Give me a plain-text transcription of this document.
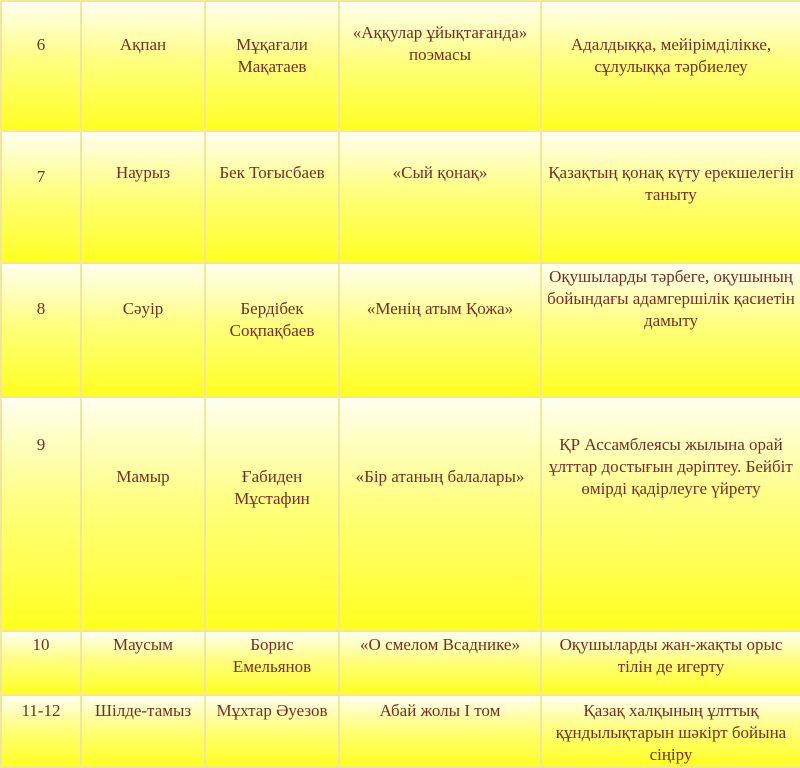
6	Ақпан	Мұқағали Мақатаев	«Аққулар ұйықтағанда» поэмасы	Адалдыққа, мейірімділікке, сұлулыққа тәрбиелеу

7	Наурыз	Бек Тоғысбаев	«Сый қонақ»	Қазақтың қонақ күту ерекшелегін таныту

8	Сәуір	Бердібек Соқпақбаев	«Менің атым Қожа»	Оқушыларды тәрбеге, оқушының бойындағы адамгершілік қасиетін дамыту

9	Мамыр	Ғабиден Мұстафин	«Бір атаның балалары»	ҚР Ассамблеясы жылына орай ұлттар достығын дәріптеу. Бейбіт өмірді қадірлеуге үйрету

10	Маусым	Борис Емельянов	«О смелом Всаднике»	Оқушыларды жан-жақты орыс тілін де игерту

11-12	Шілде-тамыз	Мұхтар Әуезов	Абай жолы I том	Қазақ халқының ұлттық құндылықтарын шәкірт бойына сіңіру
